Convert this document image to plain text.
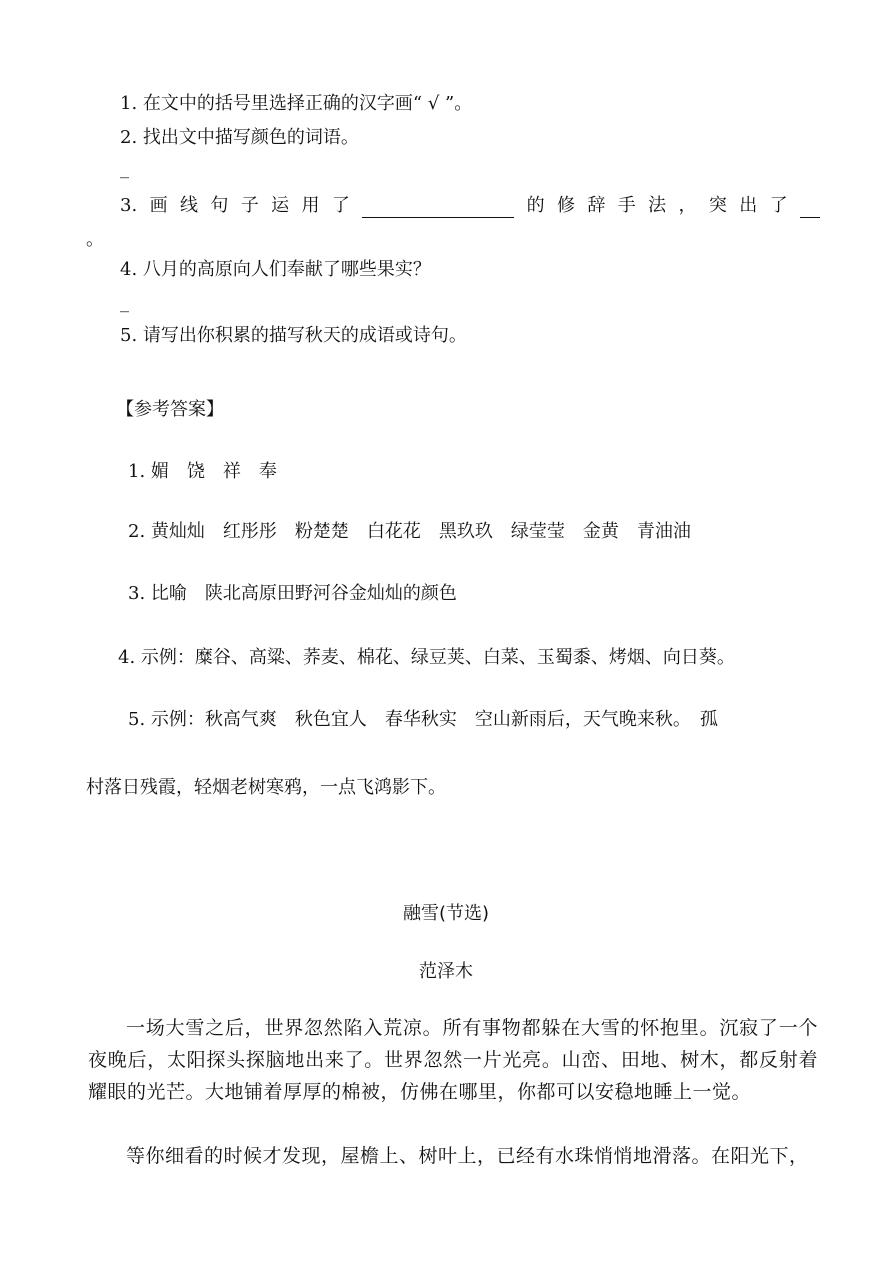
1. 在文中的括号里选择正确的汉字画“ √ ”。
2. 找出文中描写颜色的词语。
_
3. 画 线 句 子 运 用 了	的 修 辞 手 法 ， 突 出 了
。
4. 八月的高原向人们奉献了哪些果实？
_
5. 请写出你积累的描写秋天的成语或诗句。
【参考答案】
1. 媚　饶　祥　奉
2. 黄灿灿　红彤彤　粉楚楚　白花花　黑玖玖　绿莹莹　金黄　青油油
3. 比喻　陕北高原田野河谷金灿灿的颜色
4. 示例：糜谷、高粱、荞麦、棉花、绿豆荚、白菜、玉蜀黍、烤烟、向日葵。
5. 示例：秋高气爽　秋色宜人　春华秋实　空山新雨后，天气晚来秋。　孤
村落日残霞，轻烟老树寒鸦，一点飞鸿影下。
融雪(节选)
范泽木
一场大雪之后，世界忽然陷入荒凉。所有事物都躲在大雪的怀抱里。沉寂了一个夜晚后，太阳探头探脑地出来了。世界忽然一片光亮。山峦、田地、树木，都反射着耀眼的光芒。大地铺着厚厚的棉被，仿佛在哪里，你都可以安稳地睡上一觉。
等你细看的时候才发现，屋檐上、树叶上，已经有水珠悄悄地滑落。在阳光下，
